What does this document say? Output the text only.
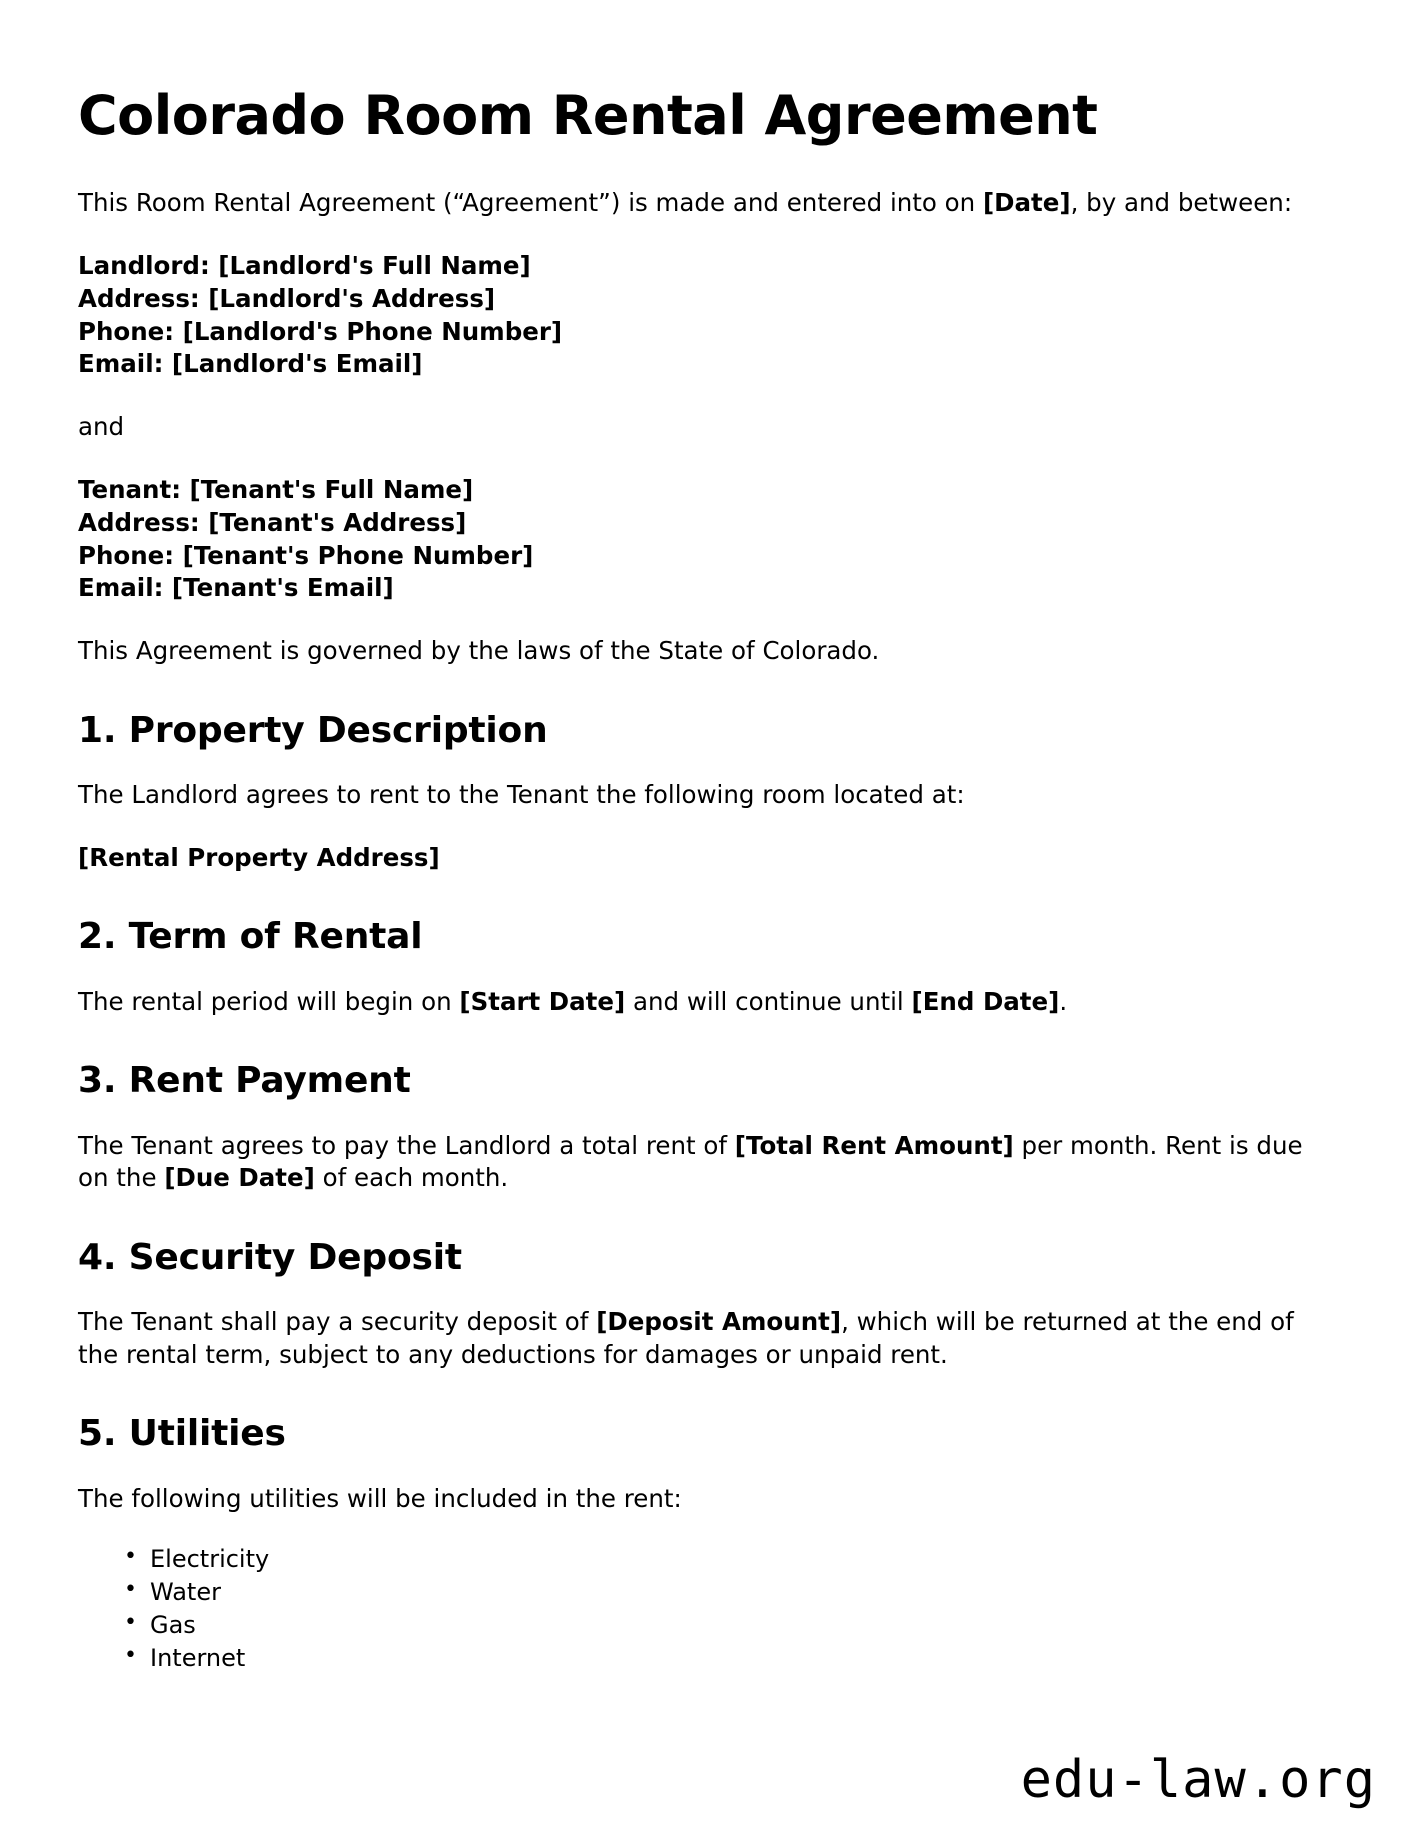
Colorado Room Rental Agreement

This Room Rental Agreement (“Agreement”) is made and entered into on [Date], by and between:

Landlord: [Landlord's Full Name]
Address: [Landlord's Address]
Phone: [Landlord's Phone Number]
Email: [Landlord's Email]

and

Tenant: [Tenant's Full Name]
Address: [Tenant's Address]
Phone: [Tenant's Phone Number]
Email: [Tenant's Email]

This Agreement is governed by the laws of the State of Colorado.

1. Property Description

The Landlord agrees to rent to the Tenant the following room located at:

[Rental Property Address]

2. Term of Rental

The rental period will begin on [Start Date] and will continue until [End Date].

3. Rent Payment

The Tenant agrees to pay the Landlord a total rent of [Total Rent Amount] per month. Rent is due on the [Due Date] of each month.

4. Security Deposit

The Tenant shall pay a security deposit of [Deposit Amount], which will be returned at the end of the rental term, subject to any deductions for damages or unpaid rent.

5. Utilities

The following utilities will be included in the rent:

• Electricity
• Water
• Gas
• Internet
edu-law.org
